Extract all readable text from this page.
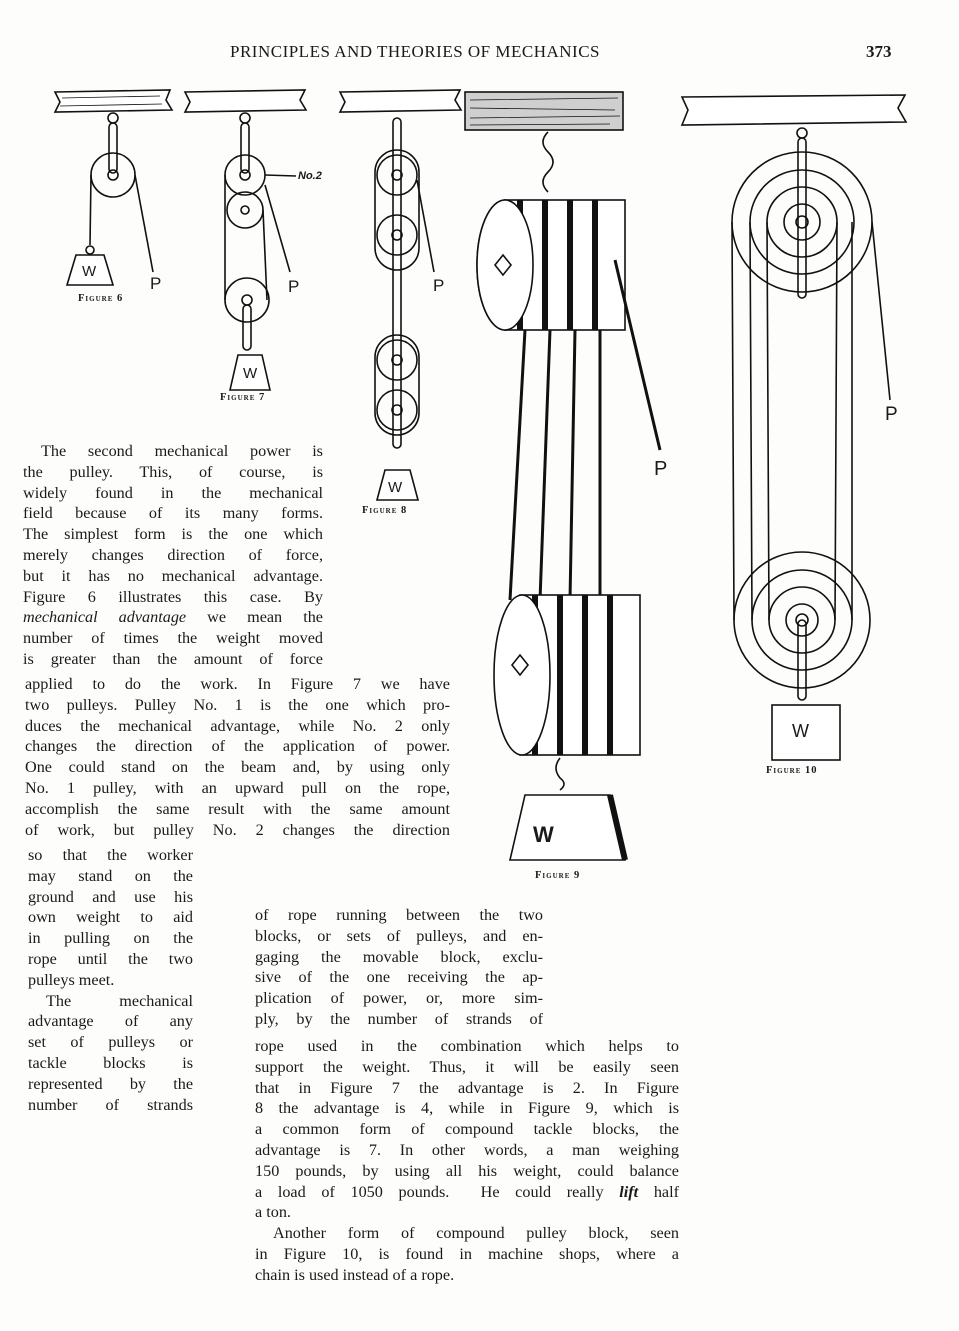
PRINCIPLES AND THEORIES OF MECHANICS	373
W
P
Figure 6
W
P
No.2
Figure 7
W
P
Figure 8
W
P
Figure 9
W
P
Figure 10
The second mechanical power is
the pulley. This, of course, is
widely found in the mechanical
field because of its many forms.
The simplest form is the one which
merely changes direction of force,
but it has no mechanical advantage.
Figure 6 illustrates this case. By
mechanical advantage we mean the
number of times the weight moved
is greater than the amount of force
applied to do the work. In Figure 7 we have
two pulleys. Pulley No. 1 is the one which pro-
duces the mechanical advantage, while No. 2 only
changes the direction of the application of power.
One could stand on the beam and, by using only
No. 1 pulley, with an upward pull on the rope,
accomplish the same result with the same amount
of work, but pulley No. 2 changes the direction
so that the worker
may stand on the
ground and use his
own weight to aid
in pulling on the
rope until the two
pulleys meet.
The mechanical
advantage of any
set of pulleys or
tackle blocks is
represented by the
number of strands
of rope running between the two
blocks, or sets of pulleys, and en-
gaging the movable block, exclu-
sive of the one receiving the ap-
plication of power, or, more sim-
ply, by the number of strands of
rope used in the combination which helps to
support the weight. Thus, it will be easily seen
that in Figure 7 the advantage is 2. In Figure
8 the advantage is 4, while in Figure 9, which is
a common form of compound tackle blocks, the
advantage is 7. In other words, a man weighing
150 pounds, by using all his weight, could balance
a load of 1050 pounds.  He could really lift half
a ton.
Another form of compound pulley block, seen
in Figure 10, is found in machine shops, where a
chain is used instead of a rope.
